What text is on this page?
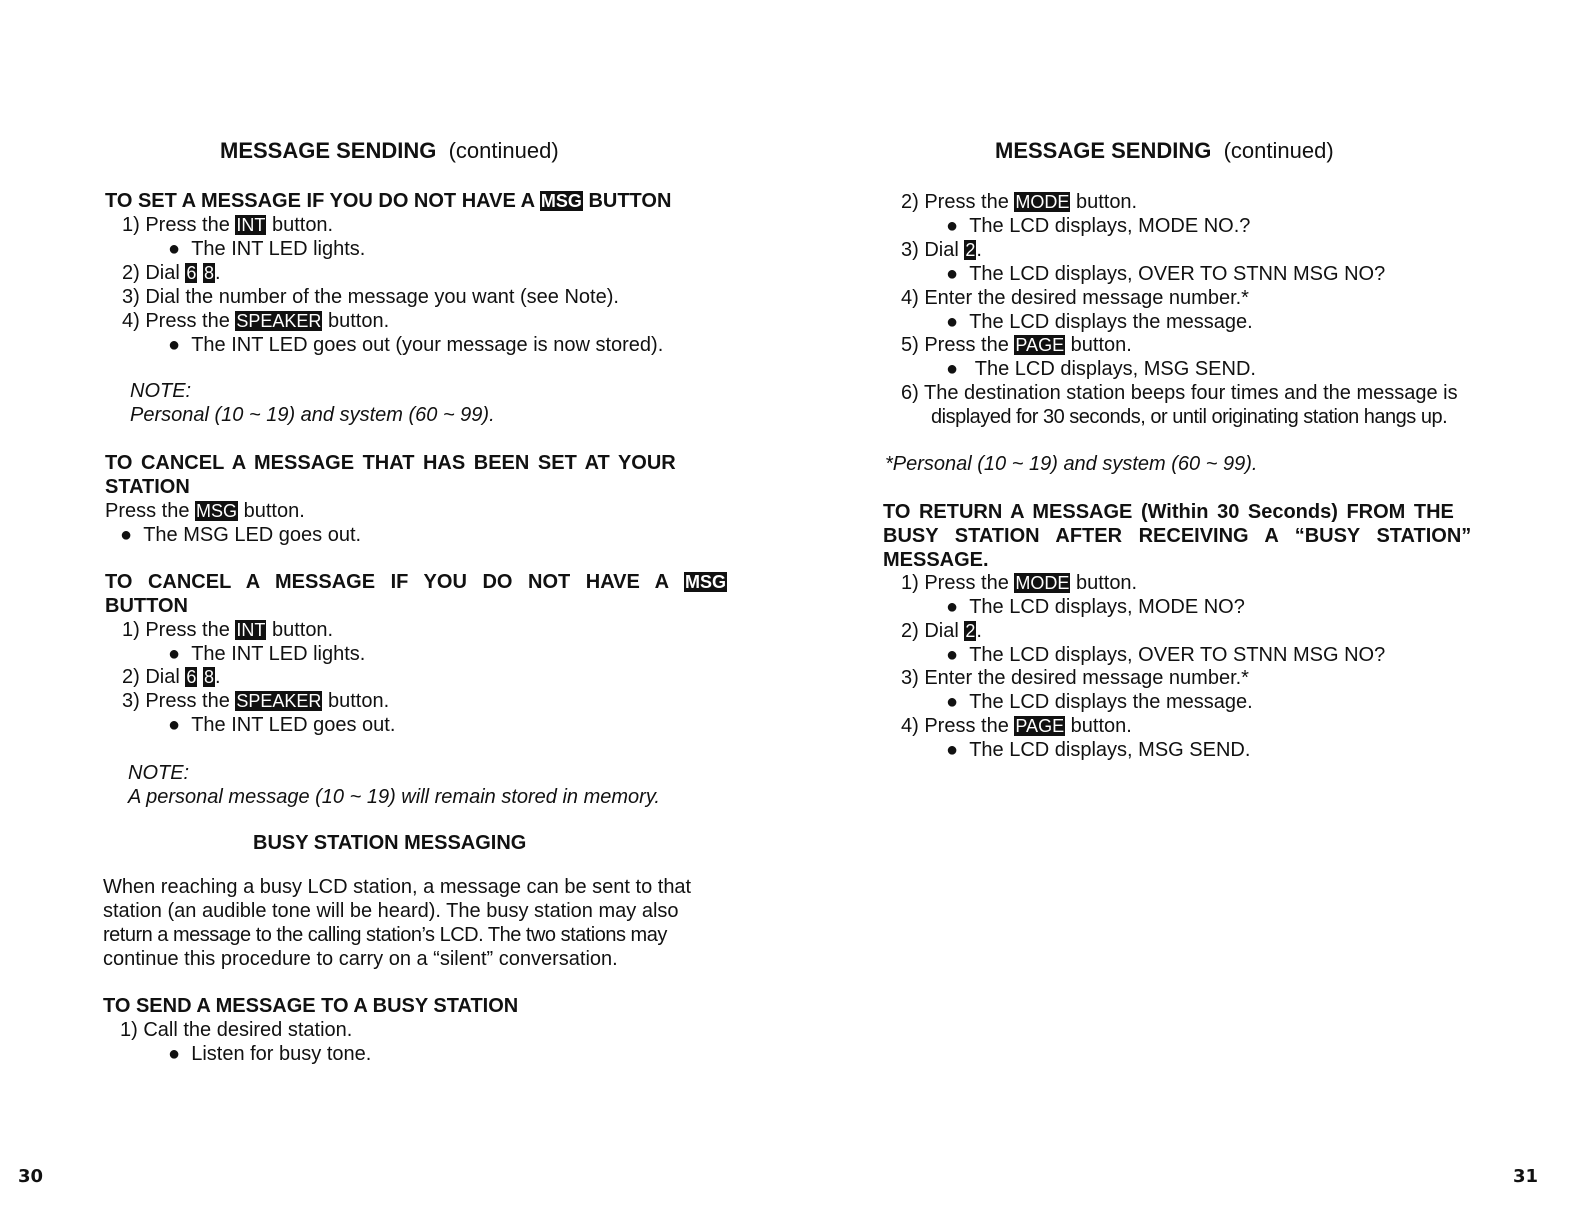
MESSAGE SENDING (continued)
TO SET A MESSAGE IF YOU DO NOT HAVE A MSG BUTTON
1) Press the INT button.
●  The INT LED lights.
2) Dial 6 8.
3) Dial the number of the message you want (see Note).
4) Press the SPEAKER button.
●  The INT LED goes out (your message is now stored).
NOTE:
Personal (10 ~ 19) and system (60 ~ 99).
TO CANCEL A MESSAGE THAT HAS BEEN SET AT YOUR
STATION
Press the MSG button.
●  The MSG LED goes out.
TO CANCEL A MESSAGE IF YOU DO NOT HAVE A MSG
BUTTON
1) Press the INT button.
●  The INT LED lights.
2) Dial 6 8.
3) Press the SPEAKER button.
●  The INT LED goes out.
NOTE:
A personal message (10 ~ 19) will remain stored in memory.
BUSY STATION MESSAGING
When reaching a busy LCD station, a message can be sent to that
station (an audible tone will be heard). The busy station may also
return a message to the calling station’s LCD. The two stations may
continue this procedure to carry on a “silent” conversation.
TO SEND A MESSAGE TO A BUSY STATION
1) Call the desired station.
●  Listen for busy tone.
30
MESSAGE SENDING (continued)
2) Press the MODE button.
●  The LCD displays, MODE NO.?
3) Dial 2.
●  The LCD displays, OVER TO STNN MSG NO?
4) Enter the desired message number.*
●  The LCD displays the message.
5) Press the PAGE button.
●   The LCD displays, MSG SEND.
6) The destination station beeps four times and the message is
displayed for 30 seconds, or until originating station hangs up.
*Personal (10 ~ 19) and system (60 ~ 99).
TO RETURN A MESSAGE (Within 30 Seconds) FROM THE
BUSY STATION AFTER RECEIVING A “BUSY STATION”
MESSAGE.
1) Press the MODE button.
●  The LCD displays, MODE NO?
2) Dial 2.
●  The LCD displays, OVER TO STNN MSG NO?
3) Enter the desired message number.*
●  The LCD displays the message.
4) Press the PAGE button.
●  The LCD displays, MSG SEND.
31
